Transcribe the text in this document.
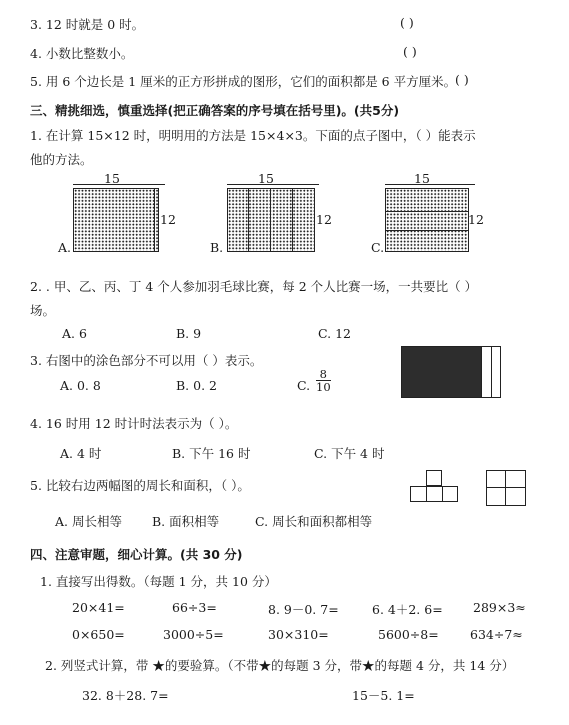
3. 12 时就是 0 时。	( )
4. 小数比整数小。	( )
5. 用 6 个边长是 1 厘米的正方形拼成的图形，它们的面积都是 6 平方厘米。
( )
三、精挑细选，慎重选择(把正确答案的序号填在括号里)。(共5分)
1. 在计算 15×12 时，明明用的方法是 15×4×3。下面的点子图中，（ ）能表示
他的方法。
15
12
A.
15
12
B.
15
12
C.
2. . 甲、乙、丙、丁 4 个人参加羽毛球比赛，每 2 个人比赛一场，一共要比（ ）
场。
A. 6	B. 9	C. 12
3. 右图中的涂色部分不可以用（ ）表示。
A. 0. 8	B. 0. 2	C. $\frac{8}{10}$
4. 16 时用 12 时计时法表示为（ ）。
A. 4 时	B. 下午 16 时	C. 下午 4 时
5. 比较右边两幅图的周长和面积，（ ）。
A. 周长相等 B. 面积相等	C. 周长和面积都相等
四、注意审题，细心计算。(共 30 分)
1. 直接写出得数。（每题 1 分，共 10 分）
20×41=	66÷3=	8. 9－0. 7=	6. 4＋2. 6= 289×3≈
0×650=	3000÷5=	30×310=	5600÷8=	634÷7≈
2. 列竖式计算，带 ★的要验算。（不带★的每题 3 分，带★的每题 4 分，共 14 分）
32. 8＋28. 7=	15－5. 1=
